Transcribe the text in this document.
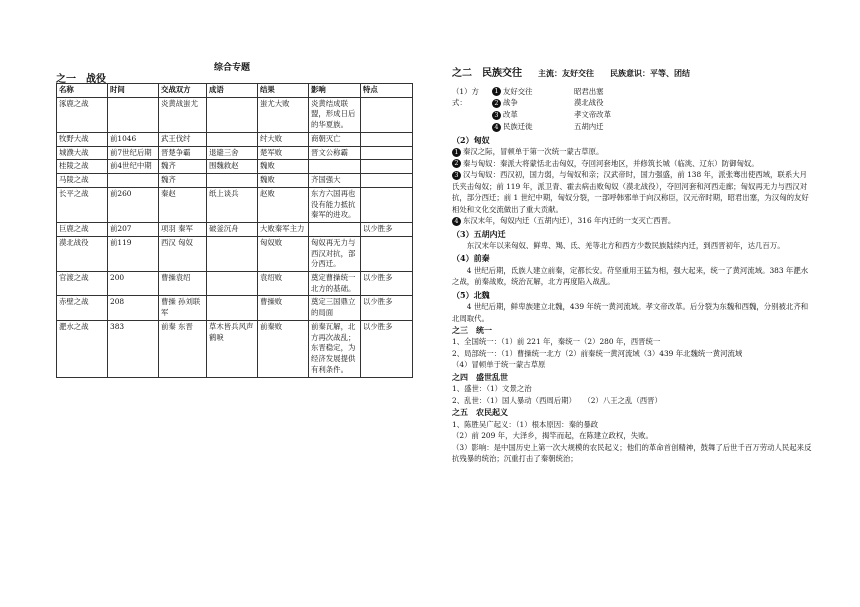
综合专题
之一　战役
名称	时间	交战双方	成语	结果	影响	特点
涿鹿之战		炎黄战蚩尤		蚩尤大败	炎黄结成联盟，形成日后的华夏族。	
牧野大战	前1046	武王伐纣		纣大败	商朝灭亡	
城濮大战	前7世纪后期	晋楚争霸	退避三舍	楚军败	晋文公称霸	
桂陵之战	前4世纪中期	魏齐	围魏救赵	魏败		
马陵之战		魏齐		魏败	齐国强大	
长平之战	前260	秦赵	纸上谈兵	赵败	东方六国再也没有能力抵抗秦军的进攻。	
巨鹿之战	前207	项羽 秦军	破釜沉舟	大败秦军主力		以少胜多
漠北战役	前119	西汉 匈奴		匈奴败	匈奴再无力与西汉对抗，部分西迁。	
官渡之战	200	曹操袁绍		袁绍败	奠定曹操统一北方的基础。	以少胜多
赤壁之战	208	曹操 孙刘联军		曹操败	奠定三国鼎立的局面	以少胜多
淝水之战	383	前秦 东晋	草木皆兵风声鹤唳	前秦败	前秦瓦解，北方再次战乱；东晋稳定，为经济发展提供有利条件。	以少胜多
之二　民族交往 主流：友好交往　　民族意识：平等、团结
（1）方式：
1 友好交往	昭君出塞
2 战争	漠北战役
3 改革	孝文帝改革
4 民族迁徙	五胡内迁
（2）匈奴
1 秦汉之际，冒顿单于第一次统一蒙古草原。
2 秦与匈奴：秦派大将蒙恬北击匈奴，夺回河套地区，并修筑长城（临洮、辽东）防御匈奴。
3 汉与匈奴：西汉初，国力弱，与匈奴和亲；汉武帝时，国力强盛，前 138 年，派张骞出使西域，联系大月氏夹击匈奴；前 119 年，派卫青、霍去病击败匈奴（漠北战役），夺回河套和河西走廊；匈奴再无力与西汉对抗，部分西迁；前 1 世纪中期，匈奴分裂，一部呼韩邪单于向汉称臣，汉元帝时期，昭君出塞，为汉匈的友好相处和文化交流做出了重大贡献。
4 东汉末年，匈奴内迁（五胡内迁），316 年内迁的一支灭亡西晋。
（3）五胡内迁

东汉末年以来匈奴、鲜卑、羯、氐、羌等北方和西方少数民族陆续内迁，到西晋初年，达几百万。

（4）前秦

4 世纪后期，氐族人建立前秦，定都长安。苻坚重用王猛为相，强大起来，统一了黄河流域。383 年淝水之战，前秦战败，统治瓦解，北方再度陷入战乱。

（5）北魏

4 世纪后期，鲜卑族建立北魏，439 年统一黄河流域。孝文帝改革。后分裂为东魏和西魏，分别被北齐和北周取代。

之三　统一
1、全国统一：（1）前 221 年，秦统一（2）280 年，西晋统一
2、局部统一：（1）曹操统一北方（2）前秦统一黄河流域（3）439 年北魏统一黄河流域
（4）冒顿单于统一蒙古草原
之四　盛世乱世
1、盛世：（1）文景之治
2、乱世：（1）国人暴动（西周后期）　　（2）八王之乱（西晋）
之五　农民起义
1、陈胜吴广起义：（1）根本原因：秦的暴政
（2）前 209 年，大泽乡，揭竿而起，在陈建立政权，失败。
（3）影响：是中国历史上第一次大规模的农民起义；他们的革命首创精神，鼓舞了后世千百万劳动人民起来反抗残暴的统治；沉重打击了秦朝统治；
